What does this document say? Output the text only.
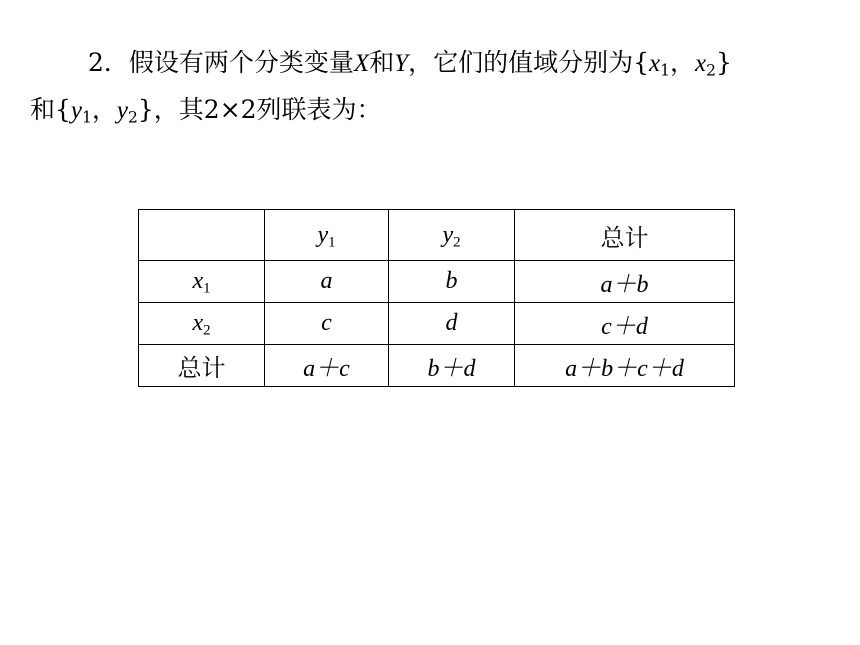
2．假设有两个分类变量X和Y，它们的值域分别为{$x_1$，$x_2$}
和{$y_1$，$y_2$}，其2×2列联表为：
	$y_1$	$y_2$	总计
$x_1$	a	b	a＋b
$x_2$	c	d	c＋d
总计	a＋c	b＋d	a＋b＋c＋d
